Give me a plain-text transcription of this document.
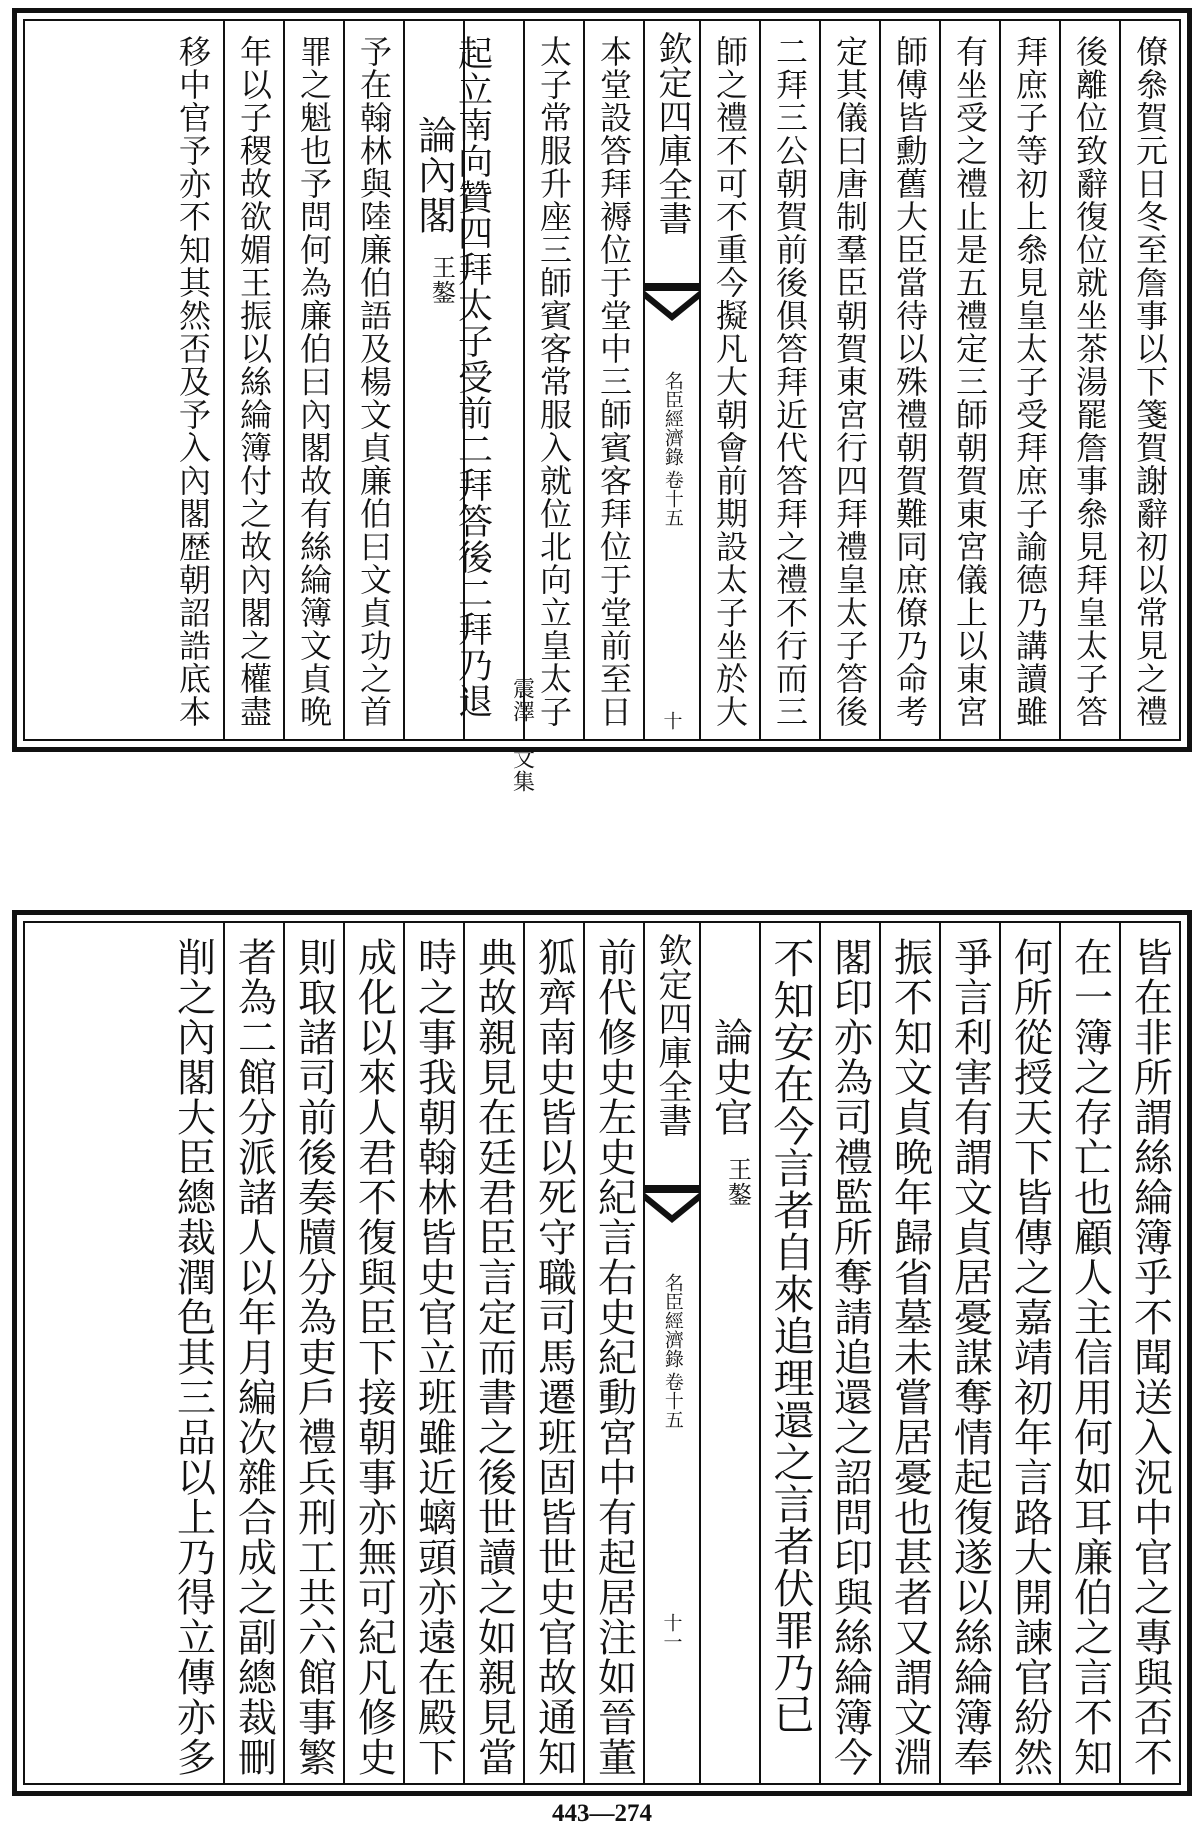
僚叅賀元日冬至詹事以下箋賀謝辭初以常見之禮
後離位致辭復位就坐茶湯罷詹事叅見拜皇太子答
拜庶子等初上叅見皇太子受拜庶子諭德乃講讀雖
有坐受之禮止是五禮定三師朝賀東宮儀上以東宮
師傅皆勳舊大臣當待以殊禮朝賀難同庶僚乃命考
定其儀曰唐制羣臣朝賀東宮行四拜禮皇太子答後
二拜三公朝賀前後俱答拜近代答拜之禮不行而三
師之禮不可不重今擬凡大朝會前期設太子坐於大
欽定四庫全書
名臣經濟錄
卷十五
十
本堂設答拜褥位于堂中三師賓客拜位于堂前至日
太子常服升座三師賓客常服入就位北向立皇太子
起立南向贊四拜太子受前二拜答後二拜乃退 震澤文集
論內閣
王鏊
予在翰林與陸廉伯語及楊文貞廉伯曰文貞功之首
罪之魁也予問何為廉伯曰內閣故有絲綸簿文貞晩
年以子稷故欲媚王振以絲綸簿付之故內閣之權盡
移中官予亦不知其然否及予入內閣歴朝詔誥底本
皆在非所謂絲綸簿乎不聞送入況中官之專與否不
在一簿之存亡也顧人主信用何如耳廉伯之言不知
何所從授天下皆傳之嘉靖初年言路大開諫官紛然
爭言利害有謂文貞居憂謀奪情起復遂以絲綸簿奉
振不知文貞晩年歸省墓未嘗居憂也甚者又謂文淵
閣印亦為司禮監所奪請追還之詔問印與絲綸簿今
不知安在今言者自來追理還之言者伏罪乃已
論史官
王鏊
欽定四庫全書
名臣經濟錄
卷十五
十一
前代修史左史紀言右史紀動宮中有起居注如晉董
狐齊南史皆以死守職司馬遷班固皆世史官故通知
典故親見在廷君臣言定而書之後世讀之如親見當
時之事我朝翰林皆史官立班雖近螭頭亦遠在殿下
成化以來人君不復與臣下接朝事亦無可紀凡修史
則取諸司前後奏牘分為吏戶禮兵刑工共六館事繁
者為二館分派諸人以年月編次雜合成之副總裁刪
削之內閣大臣總裁潤色其三品以上乃得立傳亦多
443—274
